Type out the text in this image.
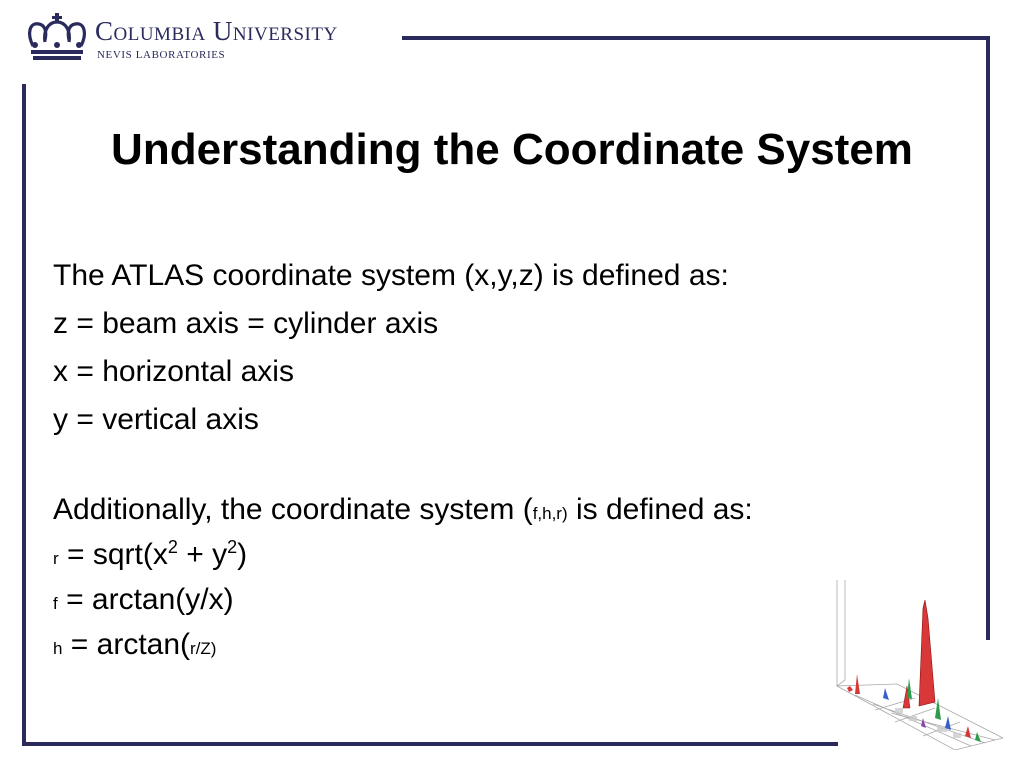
Columbia University
NEVIS LABORATORIES
Understanding the Coordinate System
The ATLAS coordinate system (x,y,z) is defined as:
z = beam axis = cylinder axis
x = horizontal axis
y = vertical axis
Additionally, the coordinate system (f,h,r) is defined as:
$r = sqrt(x^2 + y^2)$
f = arctan(y/x)
h = arctan(r/Z)
